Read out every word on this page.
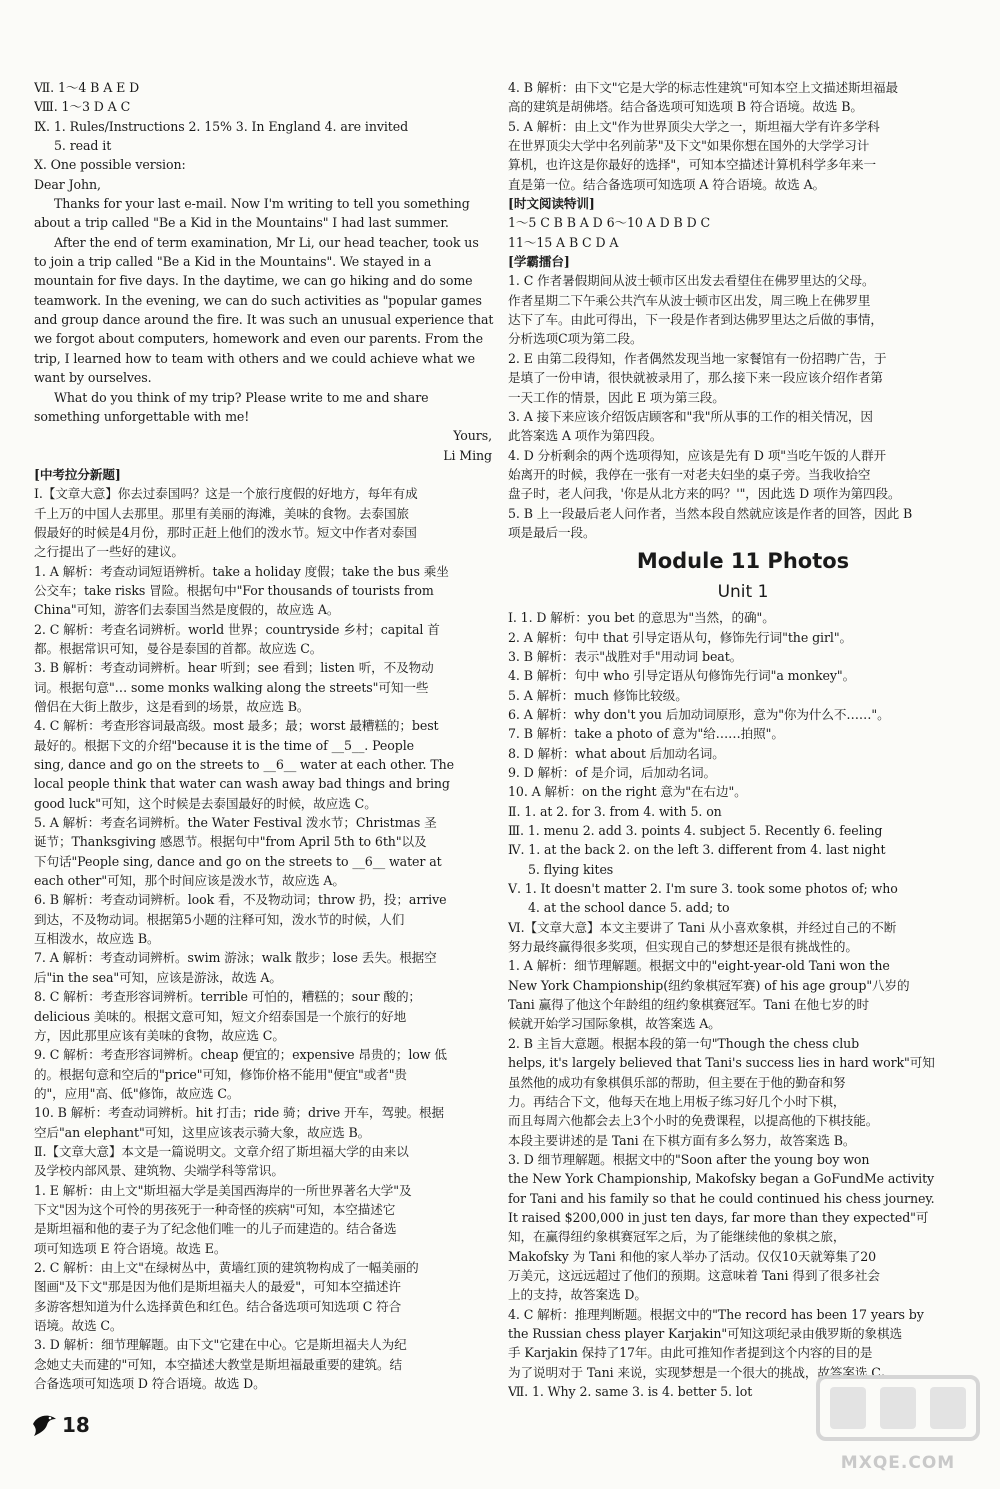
Ⅶ. 1～4 B A E D
Ⅷ. 1～3 D A C
Ⅸ. 1. Rules/Instructions 2. 15% 3. In England 4. are invited
5. read it
Ⅹ. One possible version:
Dear John,
Thanks for your last e-mail. Now I'm writing to tell you something
about a trip called "Be a Kid in the Mountains" I had last summer.
After the end of term examination, Mr Li, our head teacher, took us
to join a trip called "Be a Kid in the Mountains". We stayed in a
mountain for five days. In the daytime, we can go hiking and do some
teamwork. In the evening, we can do such activities as "popular games
and group dance around the fire. It was such an unusual experience that
we forgot about computers, homework and even our parents. From the
trip, I learned how to team with others and we could achieve what we
want by ourselves.
What do you think of my trip? Please write to me and share
something unforgettable with me!
Yours,
Li Ming
[中考拉分新题]
Ⅰ.【文章大意】你去过泰国吗？这是一个旅行度假的好地方，每年有成
千上万的中国人去那里。那里有美丽的海滩，美味的食物。去泰国旅
假最好的时候是4月份，那时正赶上他们的泼水节。短文中作者对泰国
之行提出了一些好的建议。
1. A 解析：考查动词短语辨析。take a holiday 度假；take the bus 乘坐
公交车；take risks 冒险。根据句中"For thousands of tourists from
China"可知，游客们去泰国当然是度假的，故应选 A。
2. C 解析：考查名词辨析。world 世界；countryside 乡村；capital 首
都。根据常识可知，曼谷是泰国的首都。故应选 C。
3. B 解析：考查动词辨析。hear 听到；see 看到；listen 听，不及物动
词。根据句意"… some monks walking along the streets"可知一些
僧侣在大街上散步，这是看到的场景，故应选 B。
4. C 解析：考查形容词最高级。most 最多；最；worst 最糟糕的；best
最好的。根据下文的介绍"because it is the time of __5__. People
sing, dance and go on the streets to __6__ water at each other. The
local people think that water can wash away bad things and bring
good luck"可知，这个时候是去泰国最好的时候，故应选 C。
5. A 解析：考查名词辨析。the Water Festival 泼水节；Christmas 圣
诞节；Thanksgiving 感恩节。根据句中"from April 5th to 6th"以及
下句话"People sing, dance and go on the streets to __6__ water at
each other"可知，那个时间应该是泼水节，故应选 A。
6. B 解析：考查动词辨析。look 看，不及物动词；throw 扔，投；arrive
到达，不及物动词。根据第5小题的注释可知，泼水节的时候，人们
互相泼水，故应选 B。
7. A 解析：考查动词辨析。swim 游泳；walk 散步；lose 丢失。根据空
后"in the sea"可知，应该是游泳，故选 A。
8. C 解析：考查形容词辨析。terrible 可怕的，糟糕的；sour 酸的；
delicious 美味的。根据文意可知，短文介绍泰国是一个旅行的好地
方，因此那里应该有美味的食物，故应选 C。
9. C 解析：考查形容词辨析。cheap 便宜的；expensive 昂贵的；low 低
的。根据句意和空后的"price"可知，修饰价格不能用"便宜"或者"贵
的"，应用"高、低"修饰，故应选 C。
10. B 解析：考查动词辨析。hit 打击；ride 骑；drive 开车，驾驶。根据
空后"an elephant"可知，这里应该表示骑大象，故应选 B。
Ⅱ.【文章大意】本文是一篇说明文。文章介绍了斯坦福大学的由来以
及学校内部风景、建筑物、尖端学科等常识。
1. E 解析：由上文"斯坦福大学是美国西海岸的一所世界著名大学"及
下文"因为这个可怜的男孩死于一种奇怪的疾病"可知，本空描述它
是斯坦福和他的妻子为了纪念他们唯一的儿子而建造的。结合备选
项可知选项 E 符合语境。故选 E。
2. C 解析：由上文"在绿树丛中，黄墙红顶的建筑物构成了一幅美丽的
图画"及下文"那是因为他们是斯坦福夫人的最爱"，可知本空描述许
多游客想知道为什么选择黄色和红色。结合备选项可知选项 C 符合
语境。故选 C。
3. D 解析：细节理解题。由下文"它建在中心。它是斯坦福夫人为纪
念她丈夫而建的"可知，本空描述大教堂是斯坦福最重要的建筑。结
合备选项可知选项 D 符合语境。故选 D。
4. B 解析：由下文"它是大学的标志性建筑"可知本空上文描述斯坦福最
高的建筑是胡佛塔。结合备选项可知选项 B 符合语境。故选 B。
5. A 解析：由上文"作为世界顶尖大学之一，斯坦福大学有许多学科
在世界顶尖大学中名列前茅"及下文"如果你想在国外的大学学习计
算机，也许这是你最好的选择"，可知本空描述计算机科学多年来一
直是第一位。结合备选项可知选项 A 符合语境。故选 A。
[时文阅读特训]
1～5 C B B A D 6～10 A D B D C
11～15 A B C D A
[学霸擂台]
1. C 作者暑假期间从波士顿市区出发去看望住在佛罗里达的父母。
作者星期二下午乘公共汽车从波士顿市区出发，周三晚上在佛罗里
达下了车。由此可得出，下一段是作者到达佛罗里达之后做的事情，
分析选项C项为第二段。
2. E 由第二段得知，作者偶然发现当地一家餐馆有一份招聘广告，于
是填了一份申请，很快就被录用了，那么接下来一段应该介绍作者第
一天工作的情景，因此 E 项为第三段。
3. A 接下来应该介绍饭店顾客和"我"所从事的工作的相关情况，因
此答案选 A 项作为第四段。
4. D 分析剩余的两个选项得知，应该是先有 D 项"当吃午饭的人群开
始离开的时候，我停在一张有一对老夫妇坐的桌子旁。当我收拾空
盘子时，老人问我，'你是从北方来的吗？'"，因此选 D 项作为第四段。
5. B 上一段最后老人问作者，当然本段自然就应该是作者的回答，因此 B
项是最后一段。
Module 11 Photos
Unit 1
Ⅰ. 1. D 解析：you bet 的意思为"当然，的确"。
2. A 解析：句中 that 引导定语从句，修饰先行词"the girl"。
3. B 解析：表示"战胜对手"用动词 beat。
4. B 解析：句中 who 引导定语从句修饰先行词"a monkey"。
5. A 解析：much 修饰比较级。
6. A 解析：why don't you 后加动词原形，意为"你为什么不……"。
7. B 解析：take a photo of 意为"给……拍照"。
8. D 解析：what about 后加动名词。
9. D 解析：of 是介词，后加动名词。
10. A 解析：on the right 意为"在右边"。
Ⅱ. 1. at 2. for 3. from 4. with 5. on
Ⅲ. 1. menu 2. add 3. points 4. subject 5. Recently 6. feeling
Ⅳ. 1. at the back 2. on the left 3. different from 4. last night
5. flying kites
Ⅴ. 1. It doesn't matter 2. I'm sure 3. took some photos of; who
4. at the school dance 5. add; to
Ⅵ.【文章大意】本文主要讲了 Tani 从小喜欢象棋，并经过自己的不断
努力最终赢得很多奖项，但实现自己的梦想还是很有挑战性的。
1. A 解析：细节理解题。根据文中的"eight-year-old Tani won the
New York Championship(纽约象棋冠军赛) of his age group"八岁的
Tani 赢得了他这个年龄组的纽约象棋赛冠军。Tani 在他七岁的时
候就开始学习国际象棋，故答案选 A。
2. B 主旨大意题。根据本段的第一句"Though the chess club
helps, it's largely believed that Tani's success lies in hard work"可知
虽然他的成功有象棋俱乐部的帮助，但主要在于他的勤奋和努
力。再结合下文，他每天在地上用板子练习好几个小时下棋，
而且每周六他都会去上3个小时的免费课程，以提高他的下棋技能。
本段主要讲述的是 Tani 在下棋方面有多么努力，故答案选 B。
3. D 细节理解题。根据文中的"Soon after the young boy won
the New York Championship, Makofsky began a GoFundMe activity
for Tani and his family so that he could continued his chess journey.
It raised $200,000 in just ten days, far more than they expected"可
知，在赢得纽约象棋赛冠军之后，为了能继续他的象棋之旅，
Makofsky 为 Tani 和他的家人举办了活动。仅仅10天就筹集了20
万美元，这远远超过了他们的预期。这意味着 Tani 得到了很多社会
上的支持，故答案选 D。
4. C 解析：推理判断题。根据文中的"The record has been 17 years by
the Russian chess player Karjakin"可知这项纪录由俄罗斯的象棋选
手 Karjakin 保持了17年。由此可推知作者提到这个内容的目的是
为了说明对于 Tani 来说，实现梦想是一个很大的挑战，故答案选 C。
Ⅶ. 1. Why 2. same 3. is 4. better 5. lot
18
MXQE.COM
